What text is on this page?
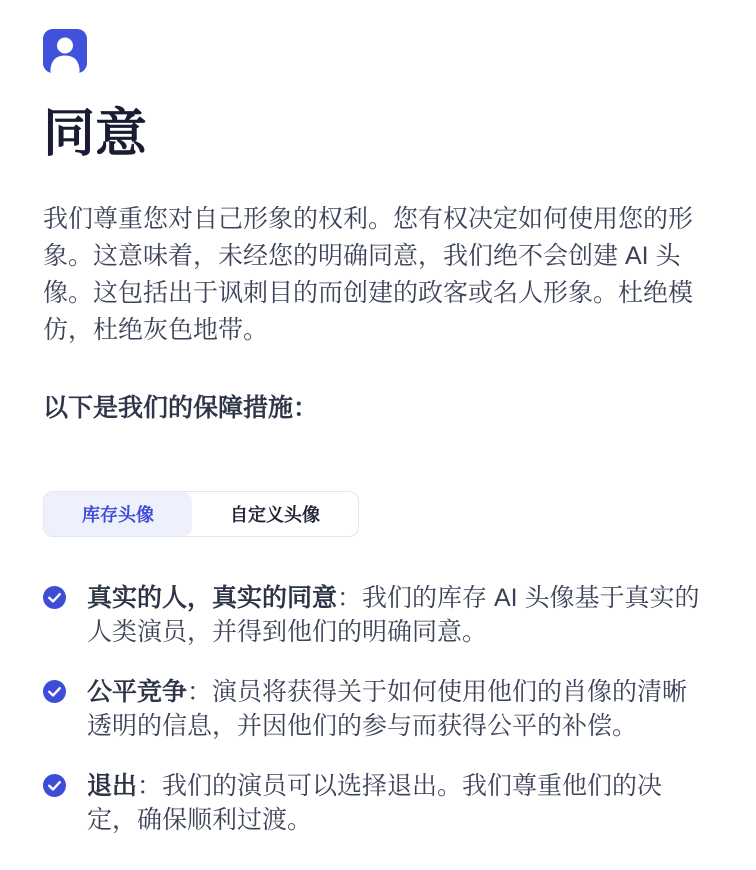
同意

我们尊重您对自己形象的权利。您有权决定如何使用您的形象。这意味着，未经您的明确同意，我们绝不会创建 AI 头像。这包括出于讽刺目的而创建的政客或名人形象。杜绝模仿，杜绝灰色地带。

以下是我们的保障措施：
库存头像	自定义头像

真实的人，真实的同意：我们的库存 AI 头像基于真实的人类演员，并得到他们的明确同意。

公平竞争：演员将获得关于如何使用他们的肖像的清晰透明的信息，并因他们的参与而获得公平的补偿。

退出：我们的演员可以选择退出。我们尊重他们的决定，确保顺利过渡。
